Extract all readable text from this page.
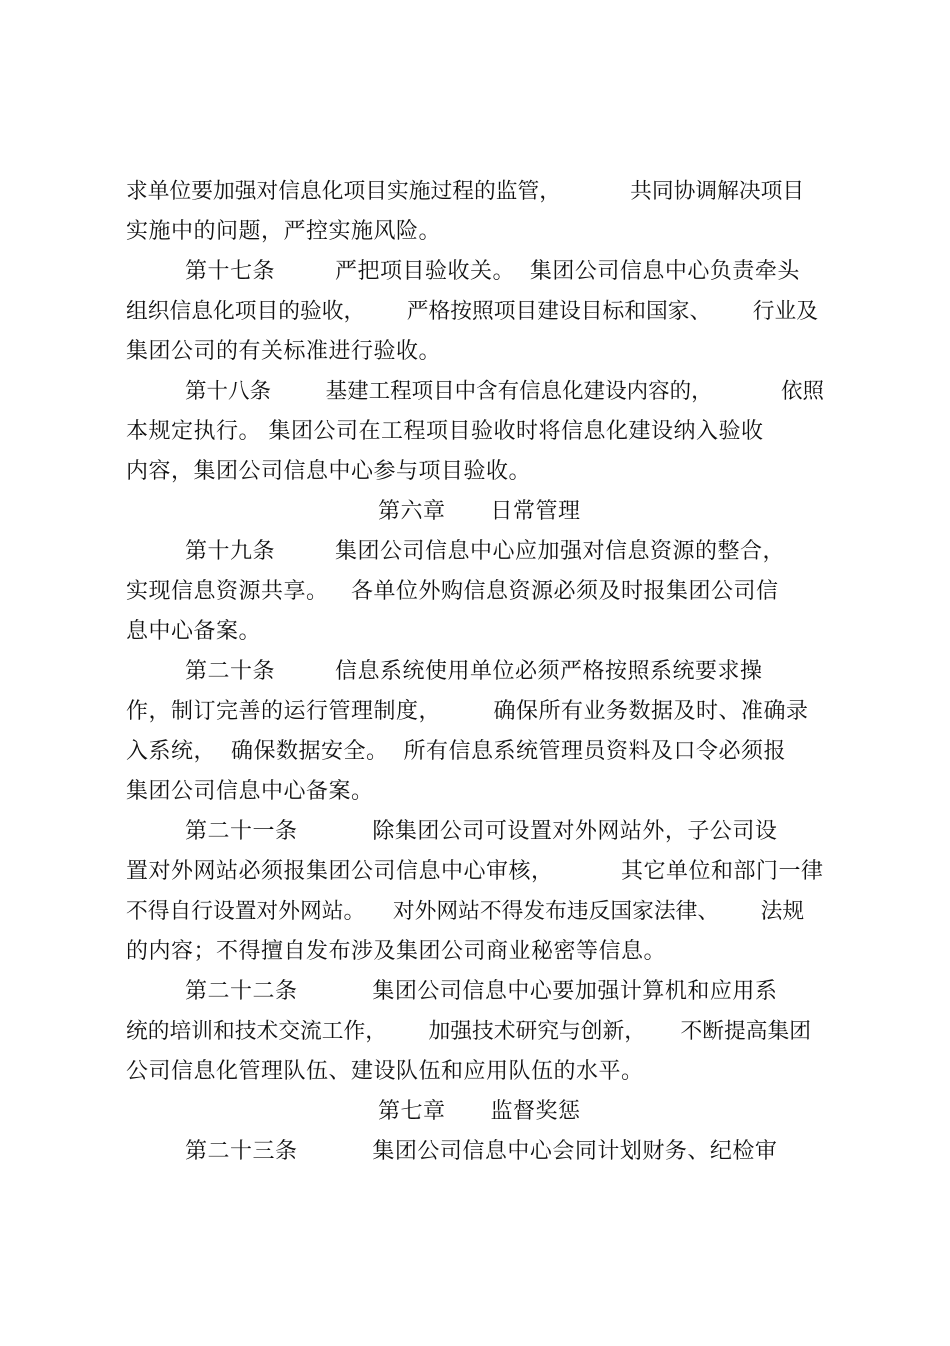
求单位要加强对信息化项目实施过程的监管，          共同协调解决项目
实施中的问题，严控实施风险。
第十七条        严把项目验收关。  集团公司信息中心负责牵头
组织信息化项目的验收，      严格按照项目建设目标和国家、      行业及
集团公司的有关标准进行验收。
第十八条        基建工程项目中含有信息化建设内容的，          依照
本规定执行。 集团公司在工程项目验收时将信息化建设纳入验收
内容，集团公司信息中心参与项目验收。
第六章      日常管理
第十九条        集团公司信息中心应加强对信息资源的整合，
实现信息资源共享。   各单位外购信息资源必须及时报集团公司信
息中心备案。
第二十条        信息系统使用单位必须严格按照系统要求操
作，制订完善的运行管理制度，       确保所有业务数据及时、准确录
入系统，  确保数据安全。  所有信息系统管理员资料及口令必须报
集团公司信息中心备案。
第二十一条          除集团公司可设置对外网站外，子公司设
置对外网站必须报集团公司信息中心审核，         其它单位和部门一律
不得自行设置对外网站。    对外网站不得发布违反国家法律、      法规
的内容；不得擅自发布涉及集团公司商业秘密等信息。
第二十二条          集团公司信息中心要加强计算机和应用系
统的培训和技术交流工作，      加强技术研究与创新，     不断提高集团
公司信息化管理队伍、建设队伍和应用队伍的水平。
第七章      监督奖惩
第二十三条          集团公司信息中心会同计划财务、纪检审
